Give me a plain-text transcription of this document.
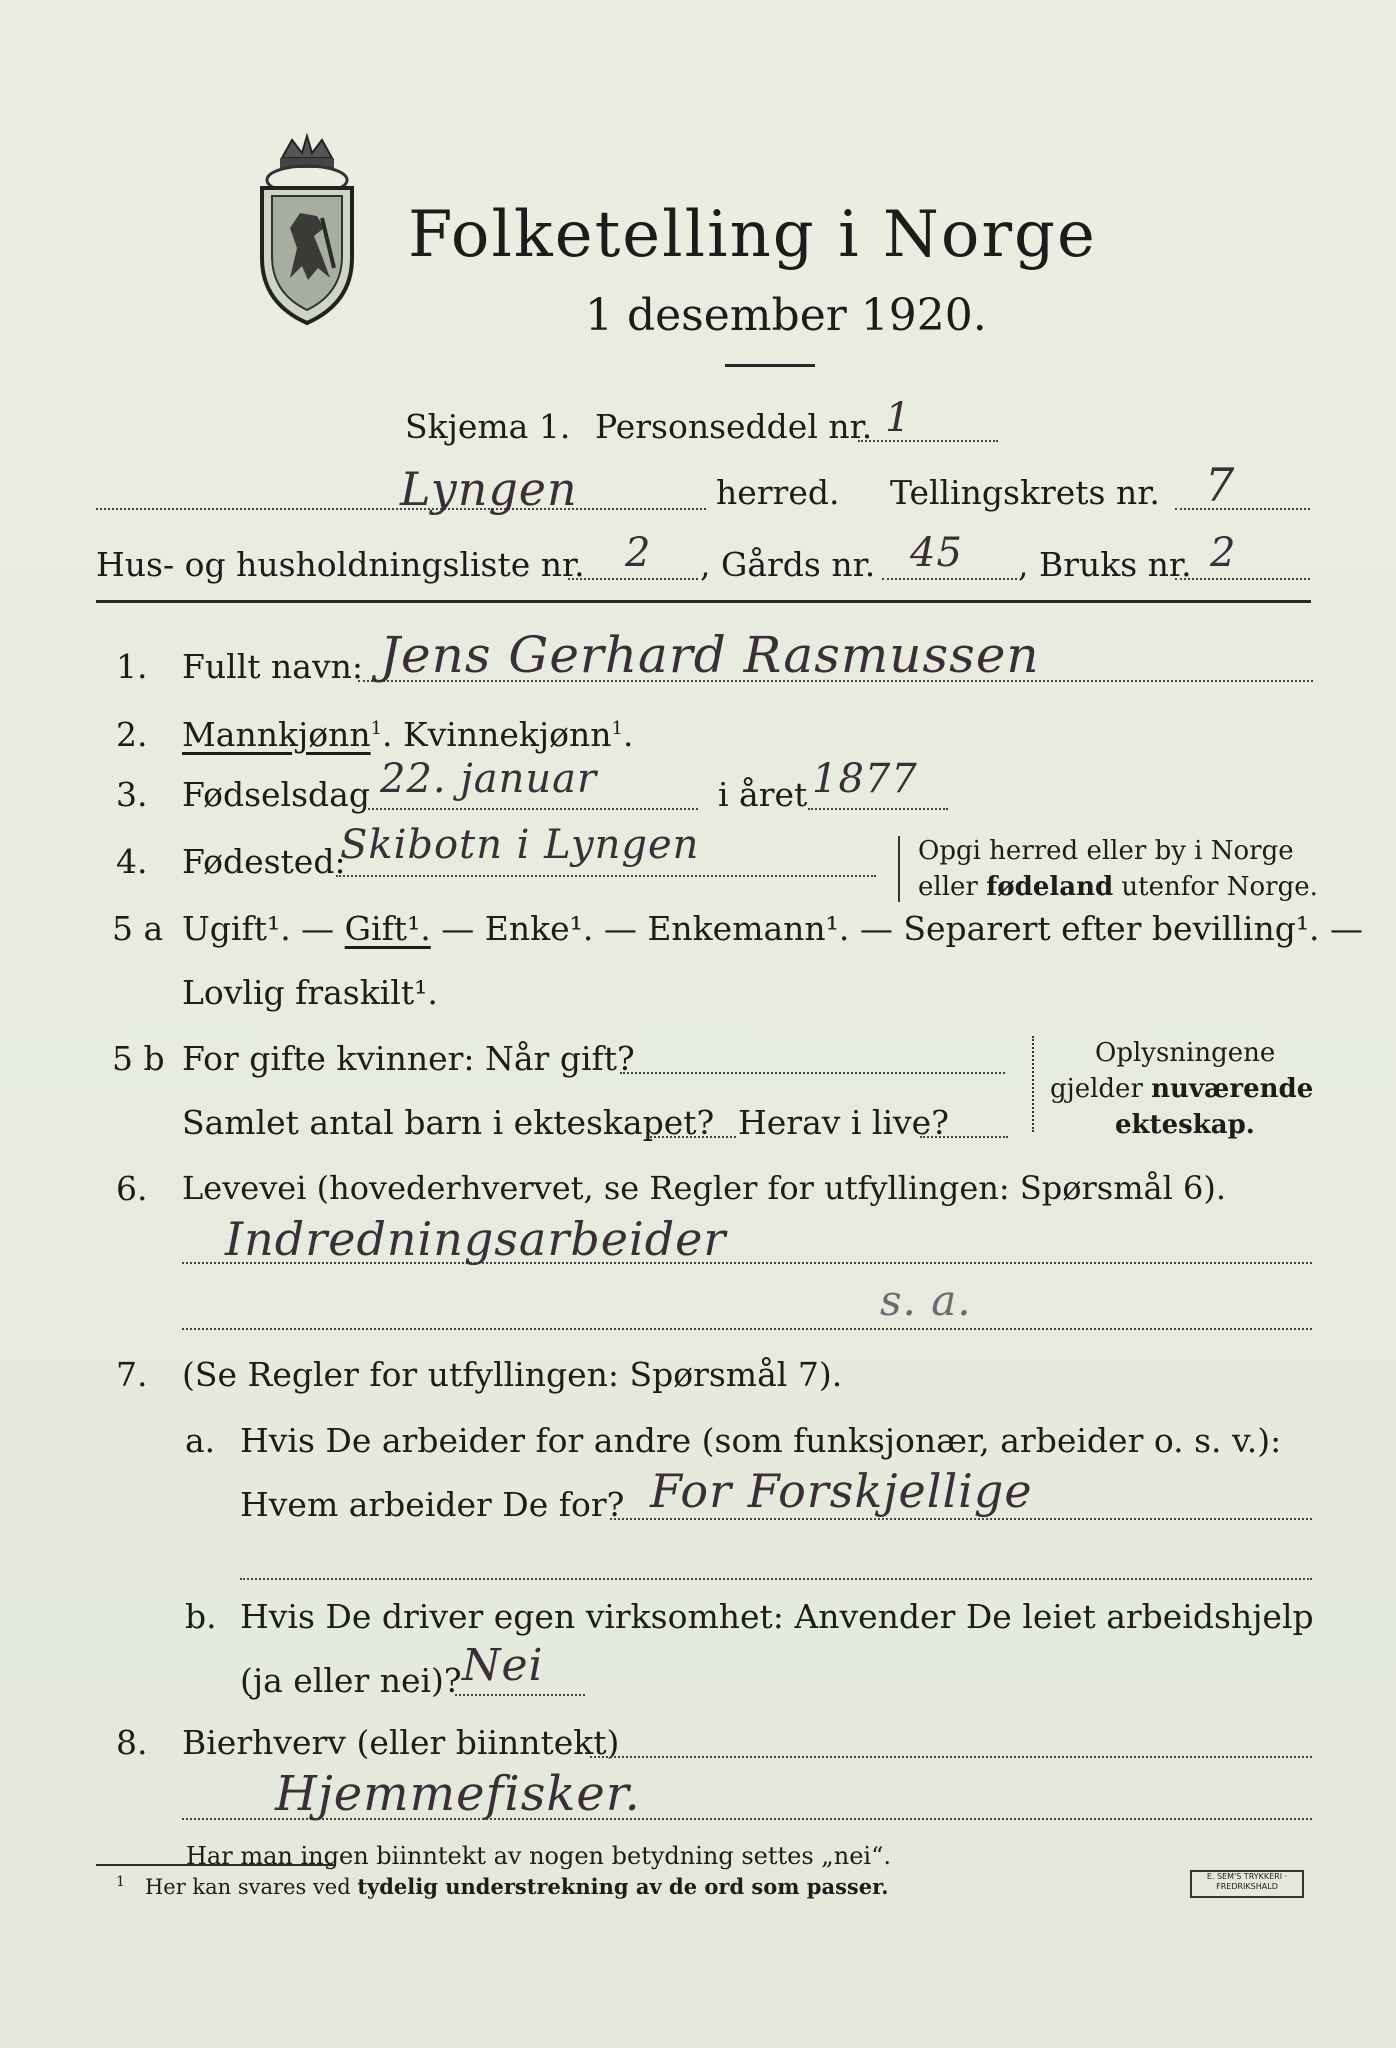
Folketelling i Norge
1 desember 1920.
Skjema 1. Personseddel nr. 1
Lyngen	herred. Tellingskrets nr. 7
Hus- og husholdningsliste nr. 2 , Gårds nr. 45 , Bruks nr. 2
1. Fullt navn: Jens Gerhard Rasmussen
2. Mannkjønn$^1$. Kvinnekjønn$^1$.
3. Fødselsdag 22. januar	i året 1877
4. Fødested:
Skibotn i Lyngen	Opgi herred eller by i Norge
eller fødeland utenfor Norge.
5 a Ugift¹. — Gift¹. — Enke¹. — Enkemann¹. — Separert efter bevilling¹. —
Lovlig fraskilt¹.
5 b For gifte kvinner: Når gift?
Samlet antal barn i ekteskapet? Herav i live?
Oplysningene
gjelder nuværende
ekteskap.
6. Levevei (hovederhvervet, se Regler for utfyllingen: Spørsmål 6).
Indredningsarbeider
s. a.
7. (Se Regler for utfyllingen: Spørsmål 7).
a. Hvis De arbeider for andre (som funksjonær, arbeider o. s. v.):
Hvem arbeider De for? For Forskjellige
b. Hvis De driver egen virksomhet: Anvender De leiet arbeidshjelp
(ja eller nei)? Nei
8. Bierhverv (eller biinntekt)
Hjemmefisker.
Har man ingen biinntekt av nogen betydning settes „nei“.
$^1$ Her kan svares ved tydelig understrekning av de ord som passer.	E. SEM'S TRYKKERI · FREDRIKSHALD
